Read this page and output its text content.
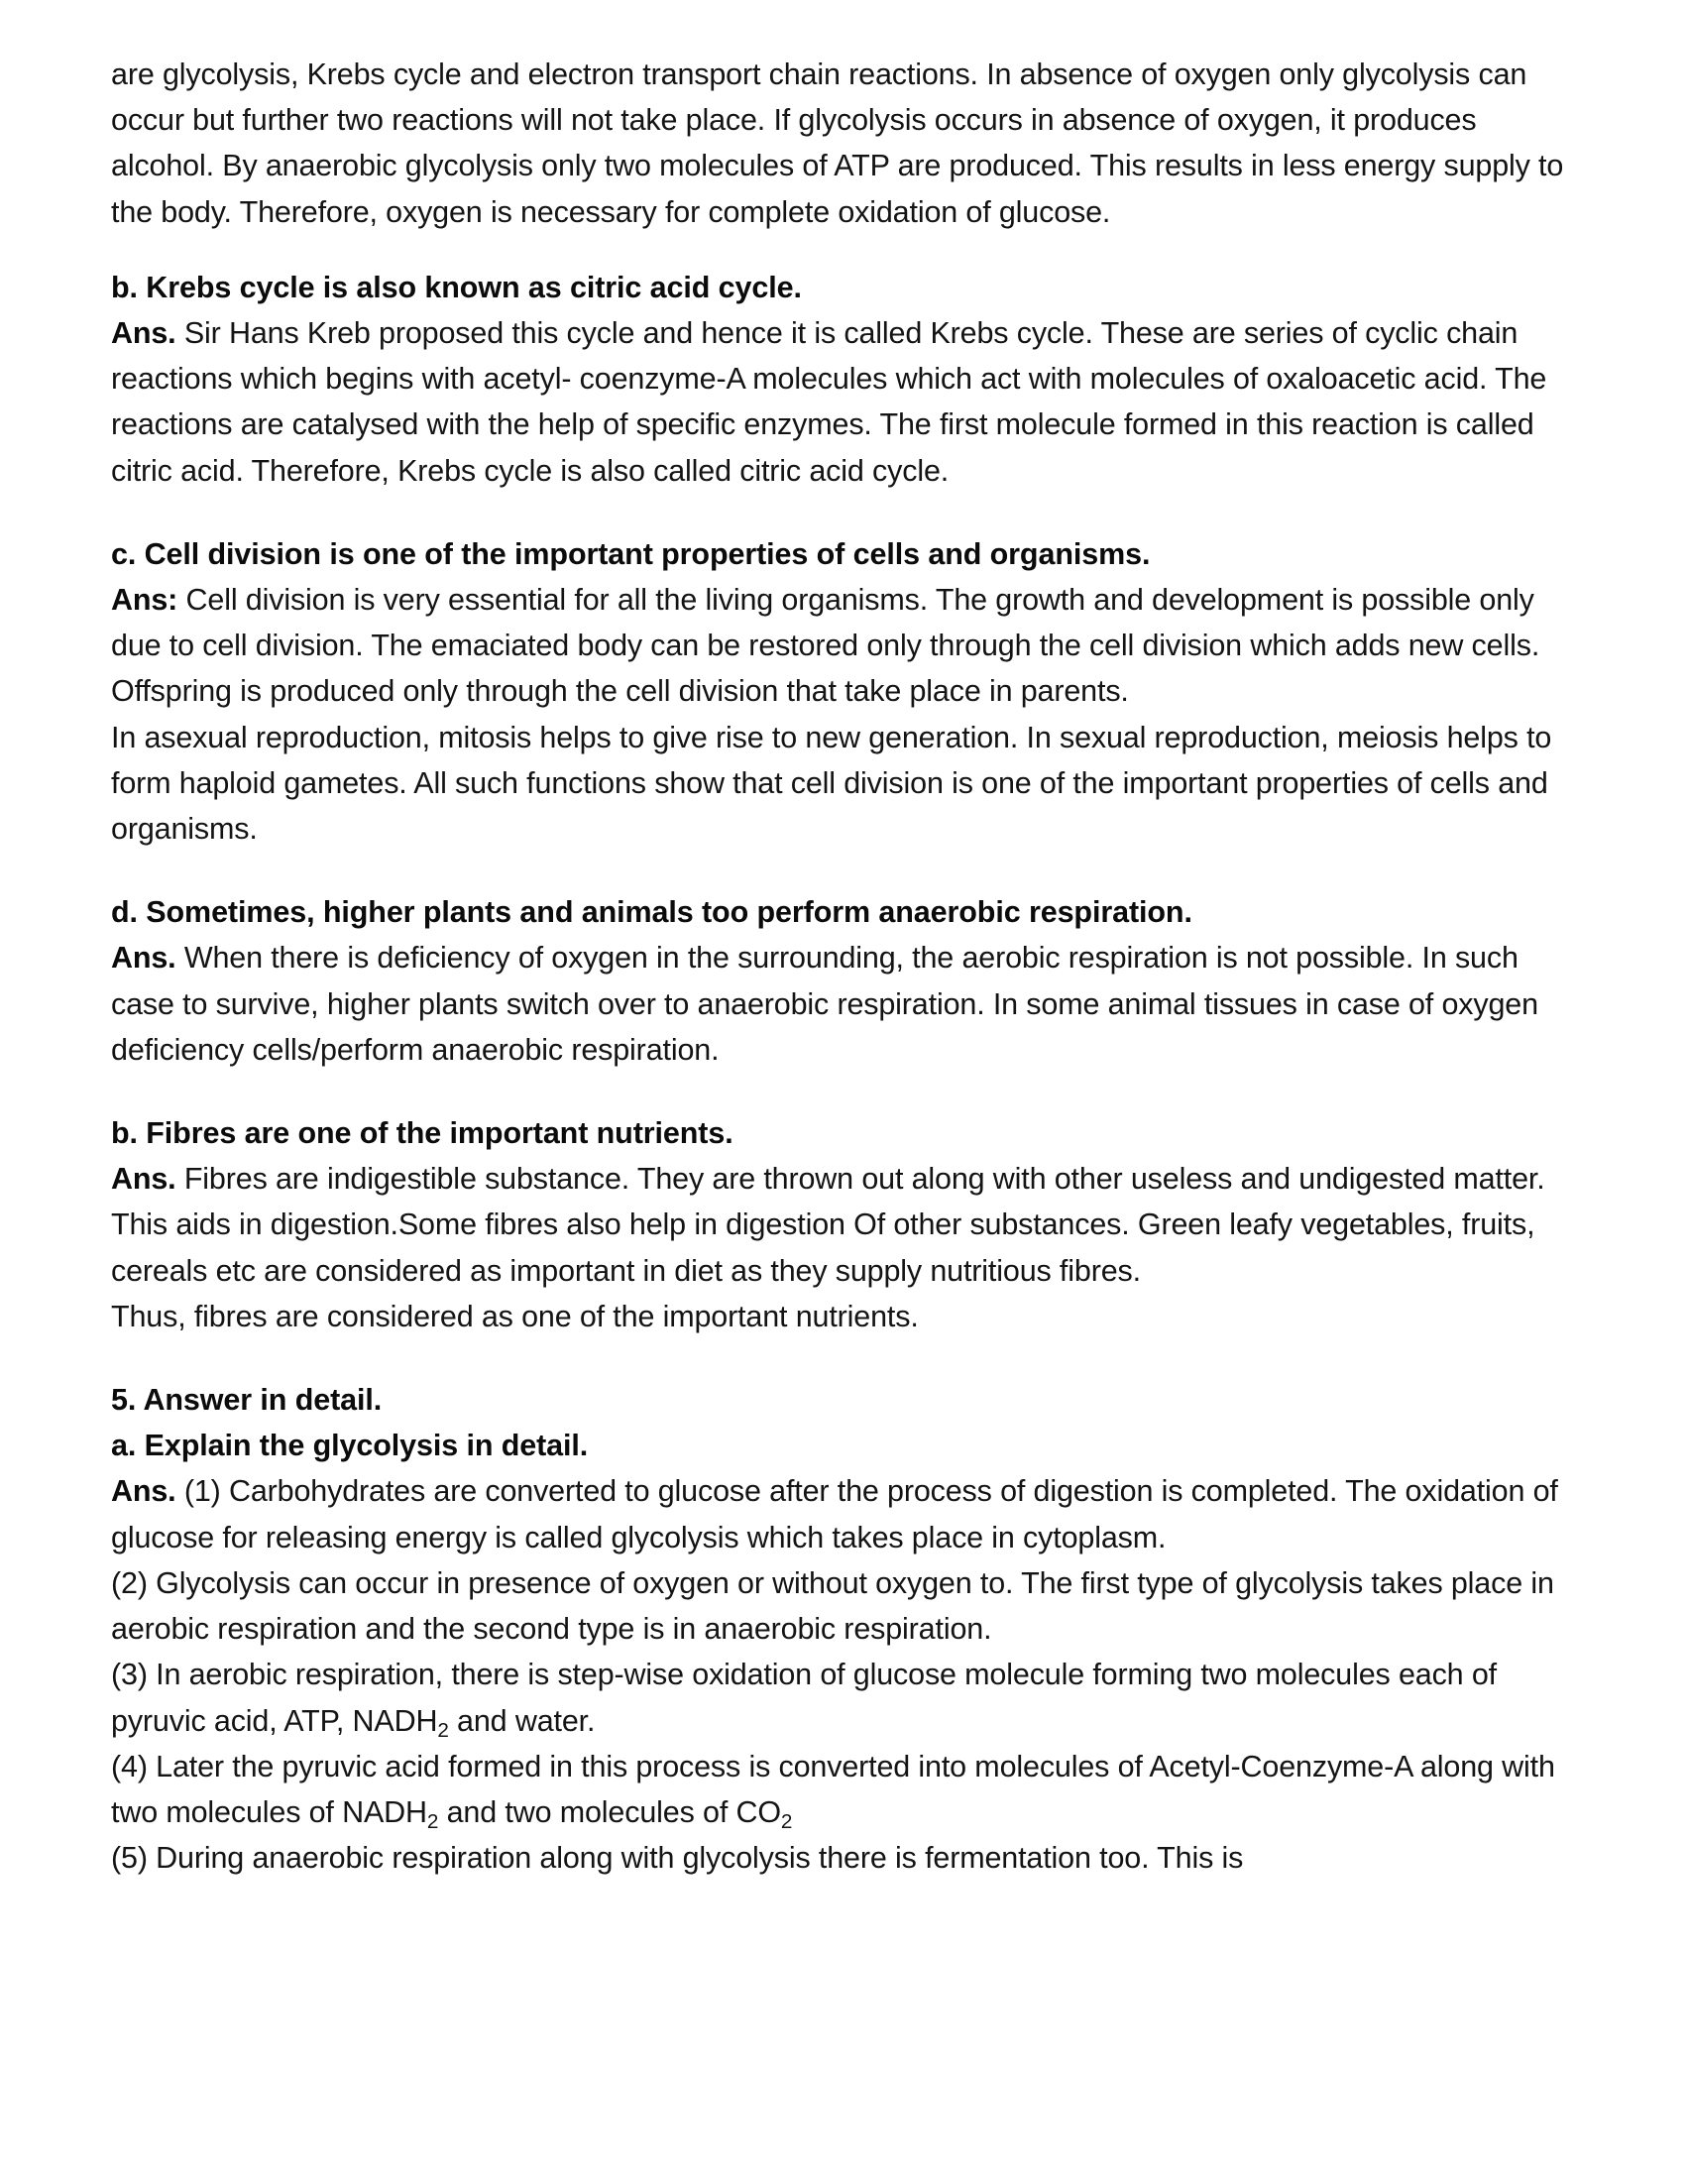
are glycolysis, Krebs cycle and electron transport chain reactions. In absence of oxygen only glycolysis can occur but further two reactions will not take place. If glycolysis occurs in absence of oxygen, it produces alcohol. By anaerobic glycolysis only two molecules of ATP are produced. This results in less energy supply to the body. Therefore, oxygen is necessary for complete oxidation of glucose.

b. Krebs cycle is also known as citric acid cycle.

Ans. Sir Hans Kreb proposed this cycle and hence it is called Krebs cycle. These are series of cyclic chain reactions which begins with acetyl- coenzyme-A molecules which act with molecules of oxaloacetic acid. The reactions are catalysed with the help of specific enzymes. The first molecule formed in this reaction is called citric acid. Therefore, Krebs cycle is also called citric acid cycle.

c. Cell division is one of the important properties of cells and organisms.

Ans: Cell division is very essential for all the living organisms. The growth and development is possible only due to cell division. The emaciated body can be restored only through the cell division which adds new cells. Offspring is produced only through the cell division that take place in parents.

In asexual reproduction, mitosis helps to give rise to new generation. In sexual reproduction, meiosis helps to form haploid gametes. All such functions show that cell division is one of the important properties of cells and organisms.

d. Sometimes, higher plants and animals too perform anaerobic respiration.

Ans. When there is deficiency of oxygen in the surrounding, the aerobic respiration is not possible. In such case to survive, higher plants switch over to anaerobic respiration. In some animal tissues in case of oxygen deficiency cells/perform anaerobic respiration.

b. Fibres are one of the important nutrients.

Ans. Fibres are indigestible substance. They are thrown out along with other useless and undigested matter. This aids in digestion.Some fibres also help in digestion Of other substances. Green leafy vegetables, fruits, cereals etc are considered as important in diet as they supply nutritious fibres.

Thus, fibres are considered as one of the important nutrients.

5. Answer in detail.

a. Explain the glycolysis in detail.

Ans. (1) Carbohydrates are converted to glucose after the process of digestion is completed. The oxidation of glucose for releasing energy is called glycolysis which takes place in cytoplasm.

(2) Glycolysis can occur in presence of oxygen or without oxygen to. The first type of glycolysis takes place in aerobic respiration and the second type is in anaerobic respiration.

(3) In aerobic respiration, there is step-wise oxidation of glucose molecule forming two molecules each of pyruvic acid, ATP, $NADH_2$ and water.

(4) Later the pyruvic acid formed in this process is converted into molecules of Acetyl-Coenzyme-A along with two molecules of $NADH_2$ and two molecules of $CO_2$

(5) During anaerobic respiration along with glycolysis there is fermentation too. This is
